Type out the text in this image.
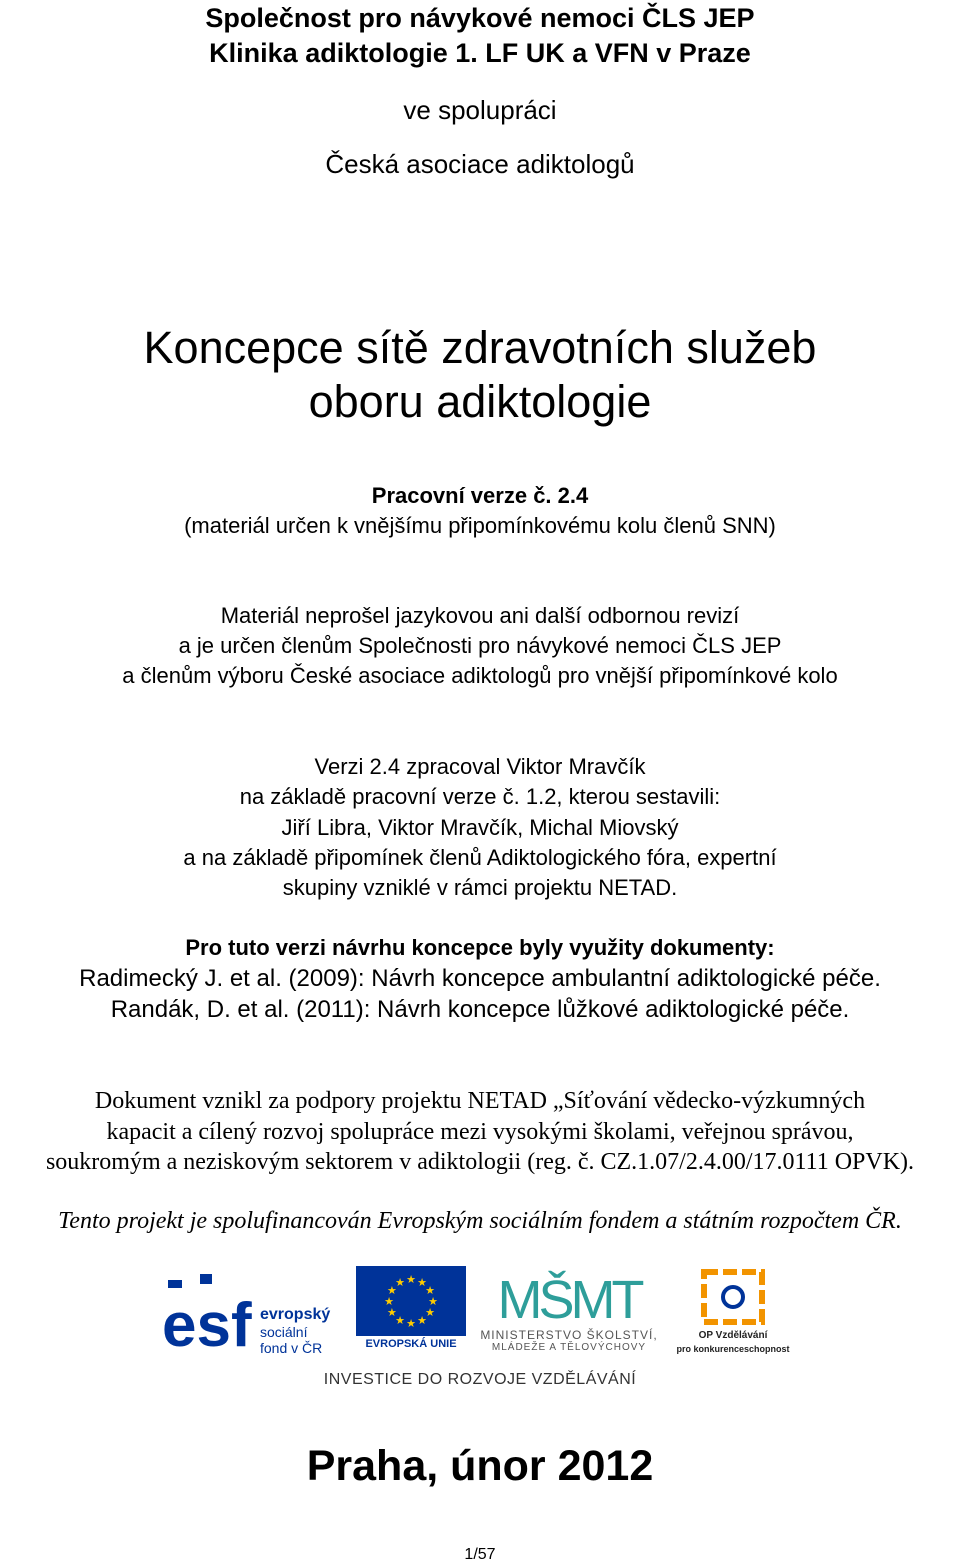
Společnost pro návykové nemoci ČLS JEP
Klinika adiktologie 1. LF UK a VFN v Praze
ve spolupráci
Česká asociace adiktologů
Koncepce sítě zdravotních služeb
oboru adiktologie
Pracovní verze č. 2.4
(materiál určen k vnějšímu připomínkovému kolu členů SNN)
Materiál neprošel jazykovou ani další odbornou revizí
a je určen členům Společnosti pro návykové nemoci ČLS JEP
a členům výboru České asociace adiktologů pro vnější připomínkové kolo
Verzi 2.4 zpracoval Viktor Mravčík
na základě pracovní verze č. 1.2, kterou sestavili:
Jiří Libra, Viktor Mravčík, Michal Miovský
a na základě připomínek členů Adiktologického fóra, expertní
skupiny vzniklé v rámci projektu NETAD.
Pro tuto verzi návrhu koncepce byly využity dokumenty:
Radimecký J. et al. (2009): Návrh koncepce ambulantní adiktologické péče.
Randák, D. et al. (2011): Návrh koncepce lůžkové adiktologické péče.
Dokument vznikl za podpory projektu NETAD „Síťování vědecko-výzkumných
kapacit a cílený rozvoj spolupráce mezi vysokými školami, veřejnou správou,
soukromým a neziskovým sektorem v adiktologii (reg. č. CZ.1.07/2.4.00/17.0111 OPVK).
Tento projekt je spolufinancován Evropským sociálním fondem a státním rozpočtem ČR.
esf evropský
sociální
fond v ČR
★ ★
★
★
★
★
★
★
★
★
★
★
EVROPSKÁ UNIE
MŠMT
MINISTERSTVO ŠKOLSTVÍ,
MLÁDEŽE A TĚLOVÝCHOVY
OP Vzdělávání
pro konkurenceschopnost
INVESTICE DO ROZVOJE VZDĚLÁVÁNÍ
Praha, únor 2012
1/57
